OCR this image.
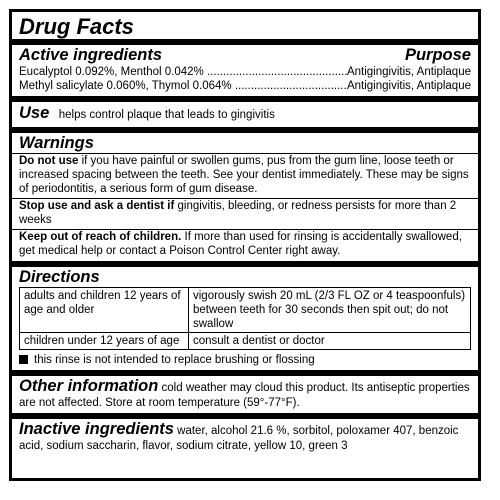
Drug Facts
Active ingredients	Purpose
Eucalyptol 0.092%, Menthol 0.042% .....	Antigingivitis, Antiplaque
Methyl salicylate 0.060%, Thymol 0.064% .....	Antigingivitis, Antiplaque
Use helps control plaque that leads to gingivitis
Warnings
Do not use if you have painful or swollen gums, pus from the gum line, loose teeth or increased spacing between the teeth. See your dentist immediately. These may be signs of periodontitis, a serious form of gum disease.
Stop use and ask a dentist if gingivitis, bleeding, or redness persists for more than 2 weeks
Keep out of reach of children. If more than used for rinsing is accidentally swallowed, get medical help or contact a Poison Control Center right away.
Directions
adults and children 12 years of age and older	vigorously swish 20 mL (2/3 FL OZ or 4 teaspoonfuls) between teeth for 30 seconds then spit out; do not swallow
children under 12 years of age	consult a dentist or doctor
this rinse is not intended to replace brushing or flossing
Other information cold weather may cloud this product. Its antiseptic properties are not affected. Store at room temperature (59°-77°F).
Inactive ingredients water, alcohol 21.6 %, sorbitol, poloxamer 407, benzoic acid, sodium saccharin, flavor, sodium citrate, yellow 10, green 3
